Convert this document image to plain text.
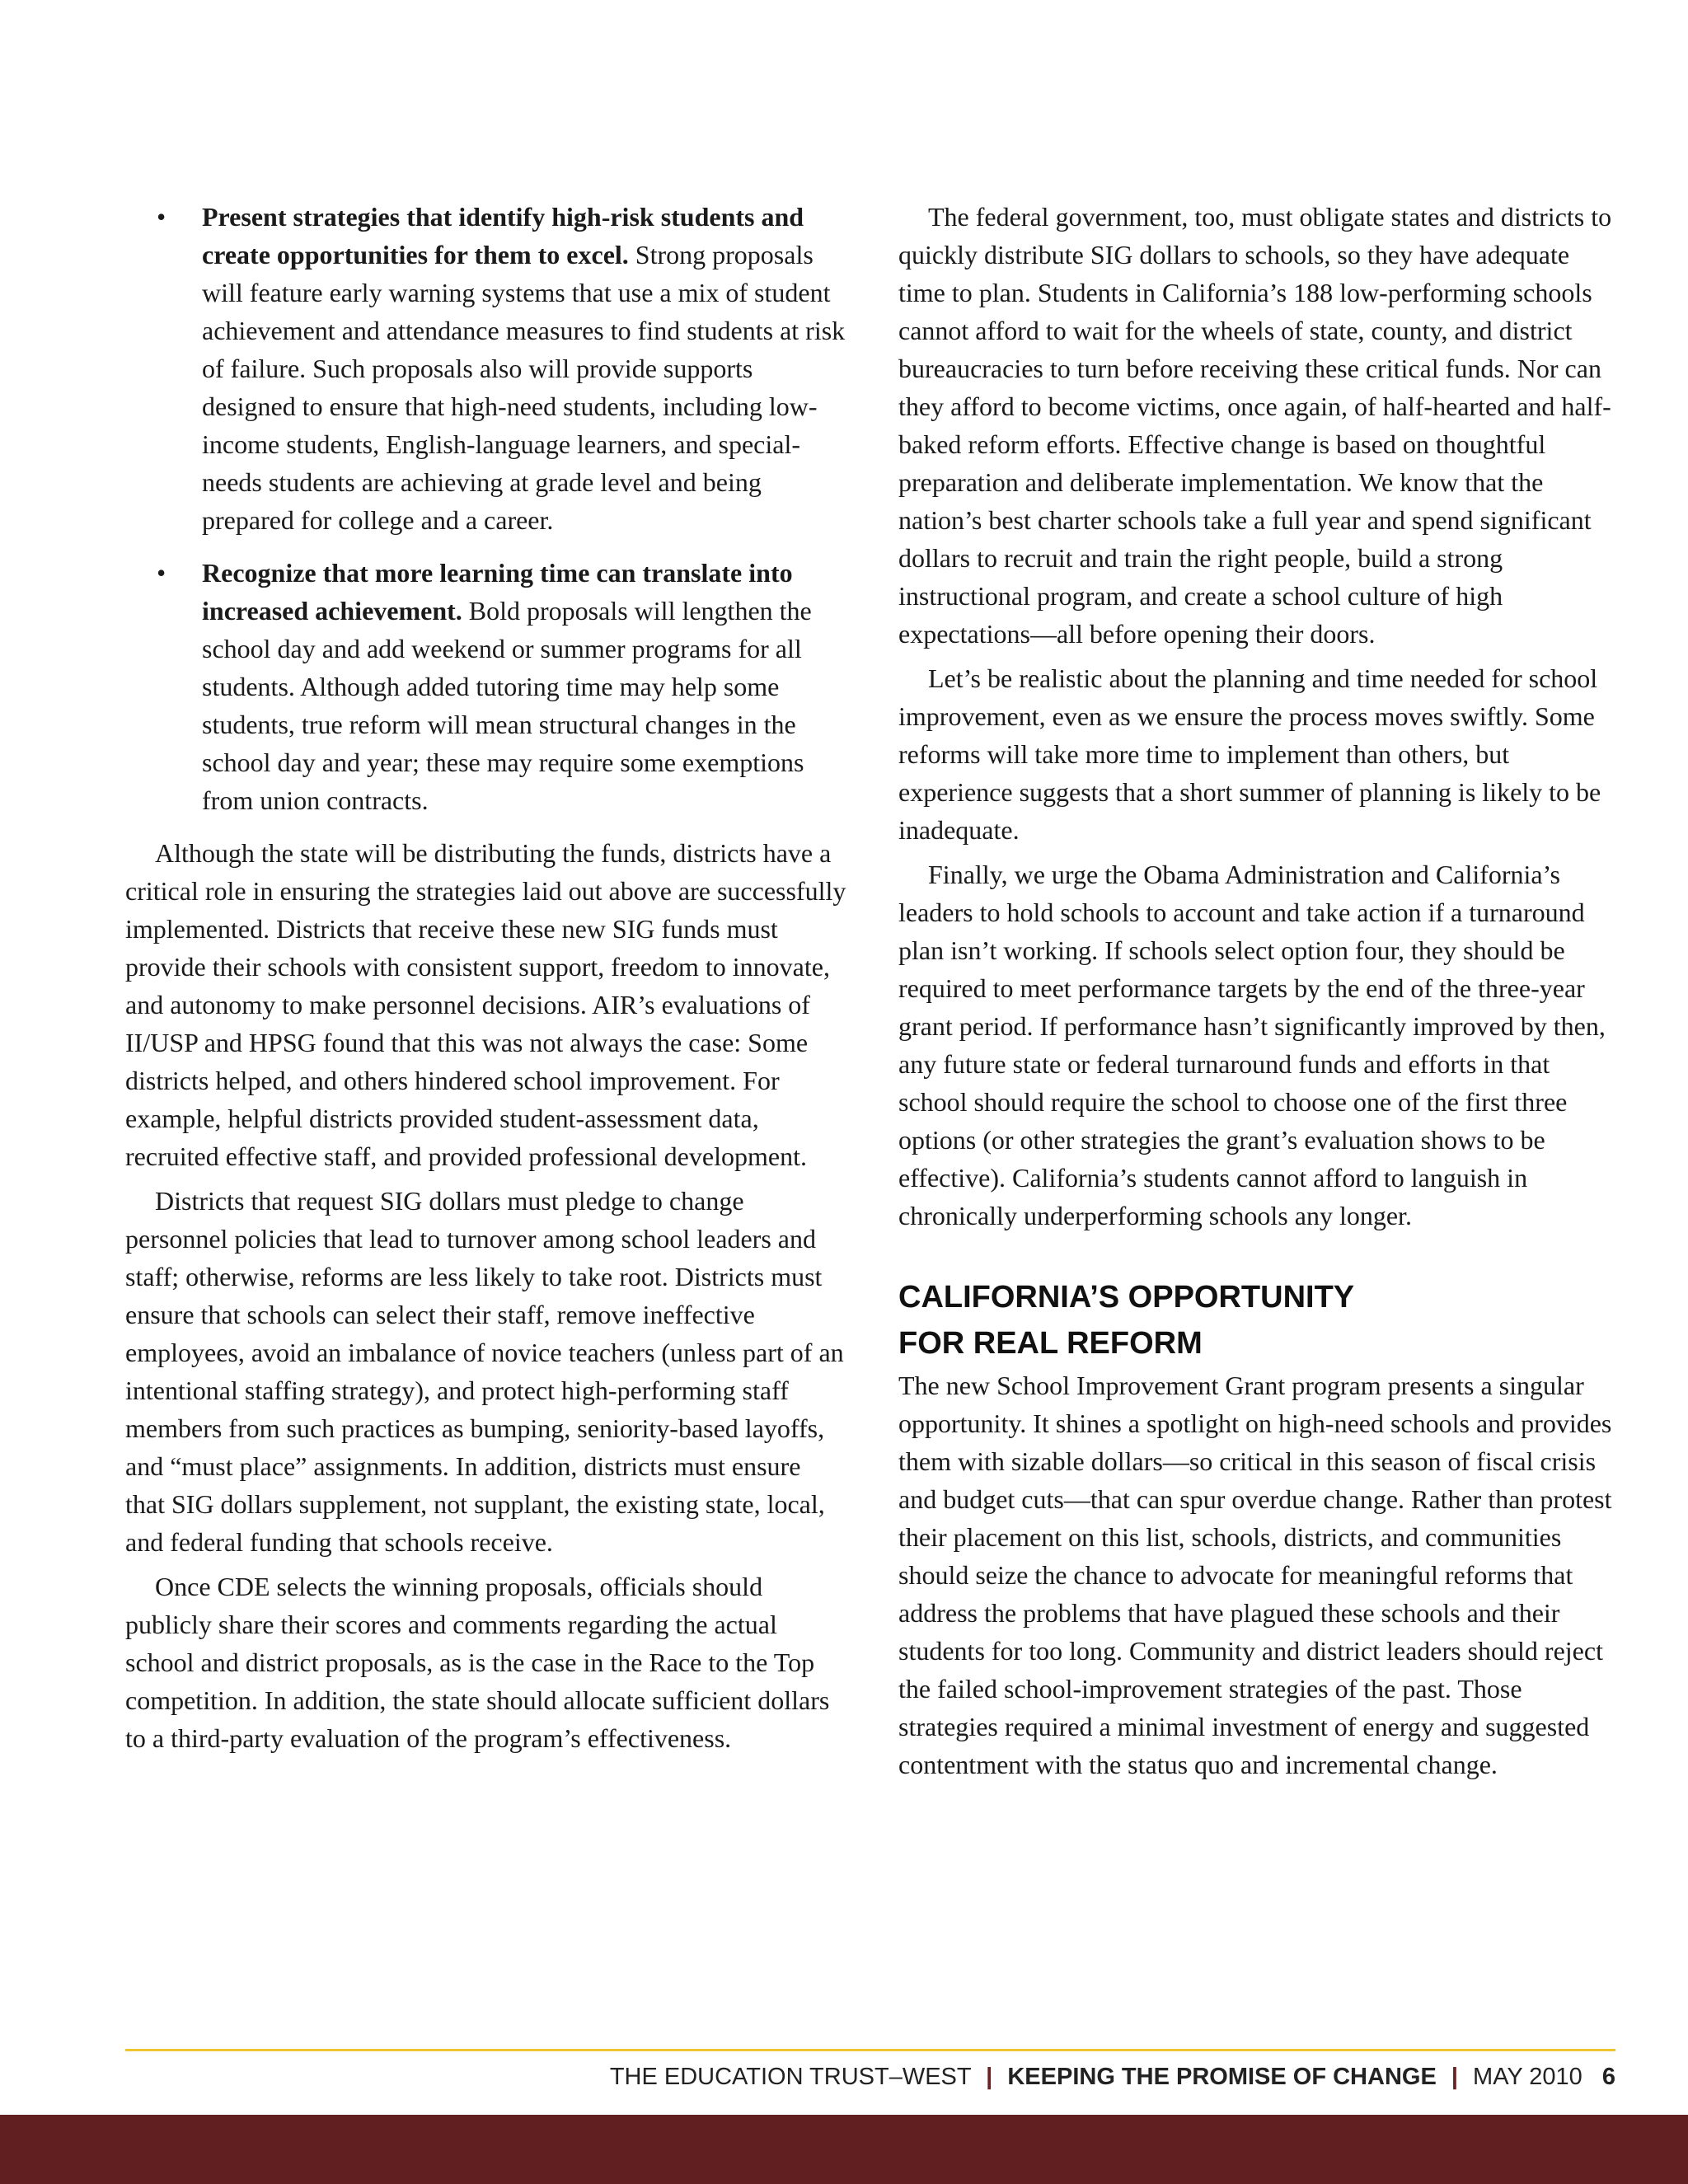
• Present strategies that identify high-risk students and create opportunities for them to excel. Strong proposals will feature early warning systems that use a mix of student achievement and attendance measures to find students at risk of failure. Such proposals also will provide supports designed to ensure that high-need students, including low-income students, English-language learners, and special-needs students are achieving at grade level and being prepared for college and a career.
• Recognize that more learning time can translate into increased achievement. Bold proposals will lengthen the school day and add weekend or summer programs for all students. Although added tutoring time may help some students, true reform will mean structural changes in the school day and year; these may require some exemptions from union contracts.

Although the state will be distributing the funds, districts have a critical role in ensuring the strategies laid out above are successfully implemented. Districts that receive these new SIG funds must provide their schools with consistent support, freedom to innovate, and autonomy to make personnel decisions. AIR’s evaluations of II/USP and HPSG found that this was not always the case: Some districts helped, and others hindered school improvement. For example, helpful districts provided student-assessment data, recruited effective staff, and provided professional development.

Districts that request SIG dollars must pledge to change personnel policies that lead to turnover among school leaders and staff; otherwise, reforms are less likely to take root. Districts must ensure that schools can select their staff, remove ineffective employees, avoid an imbalance of novice teachers (unless part of an intentional staffing strategy), and protect high-performing staff members from such practices as bumping, seniority-based layoffs, and “must place” assignments. In addition, districts must ensure that SIG dollars supplement, not supplant, the existing state, local, and federal funding that schools receive.

Once CDE selects the winning proposals, officials should publicly share their scores and comments regarding the actual school and district proposals, as is the case in the Race to the Top competition. In addition, the state should allocate sufficient dollars to a third-party evaluation of the program’s effectiveness.

The federal government, too, must obligate states and districts to quickly distribute SIG dollars to schools, so they have adequate time to plan. Students in California’s 188 low-performing schools cannot afford to wait for the wheels of state, county, and district bureaucracies to turn before receiving these critical funds. Nor can they afford to become victims, once again, of half-hearted and half-baked reform efforts. Effective change is based on thoughtful preparation and deliberate implementation. We know that the nation’s best charter schools take a full year and spend significant dollars to recruit and train the right people, build a strong instructional program, and create a school culture of high expectations—all before opening their doors.

Let’s be realistic about the planning and time needed for school improvement, even as we ensure the process moves swiftly. Some reforms will take more time to implement than others, but experience suggests that a short summer of planning is likely to be inadequate.

Finally, we urge the Obama Administration and California’s leaders to hold schools to account and take action if a turnaround plan isn’t working. If schools select option four, they should be required to meet performance targets by the end of the three-year grant period. If performance hasn’t significantly improved by then, any future state or federal turnaround funds and efforts in that school should require the school to choose one of the first three options (or other strategies the grant’s evaluation shows to be effective). California’s students cannot afford to languish in chronically underperforming schools any longer.

CALIFORNIA’S OPPORTUNITY
FOR REAL REFORM

The new School Improvement Grant program presents a singular opportunity. It shines a spotlight on high-need schools and provides them with sizable dollars—so critical in this season of fiscal crisis and budget cuts—that can spur overdue change. Rather than protest their placement on this list, schools, districts, and communities should seize the chance to advocate for meaningful reforms that address the problems that have plagued these schools and their students for too long. Community and district leaders should reject the failed school-improvement strategies of the past. Those strategies required a minimal investment of energy and suggested contentment with the status quo and incremental change.

THE EDUCATION TRUST–WEST | KEEPING THE PROMISE OF CHANGE | MAY 2010 6
